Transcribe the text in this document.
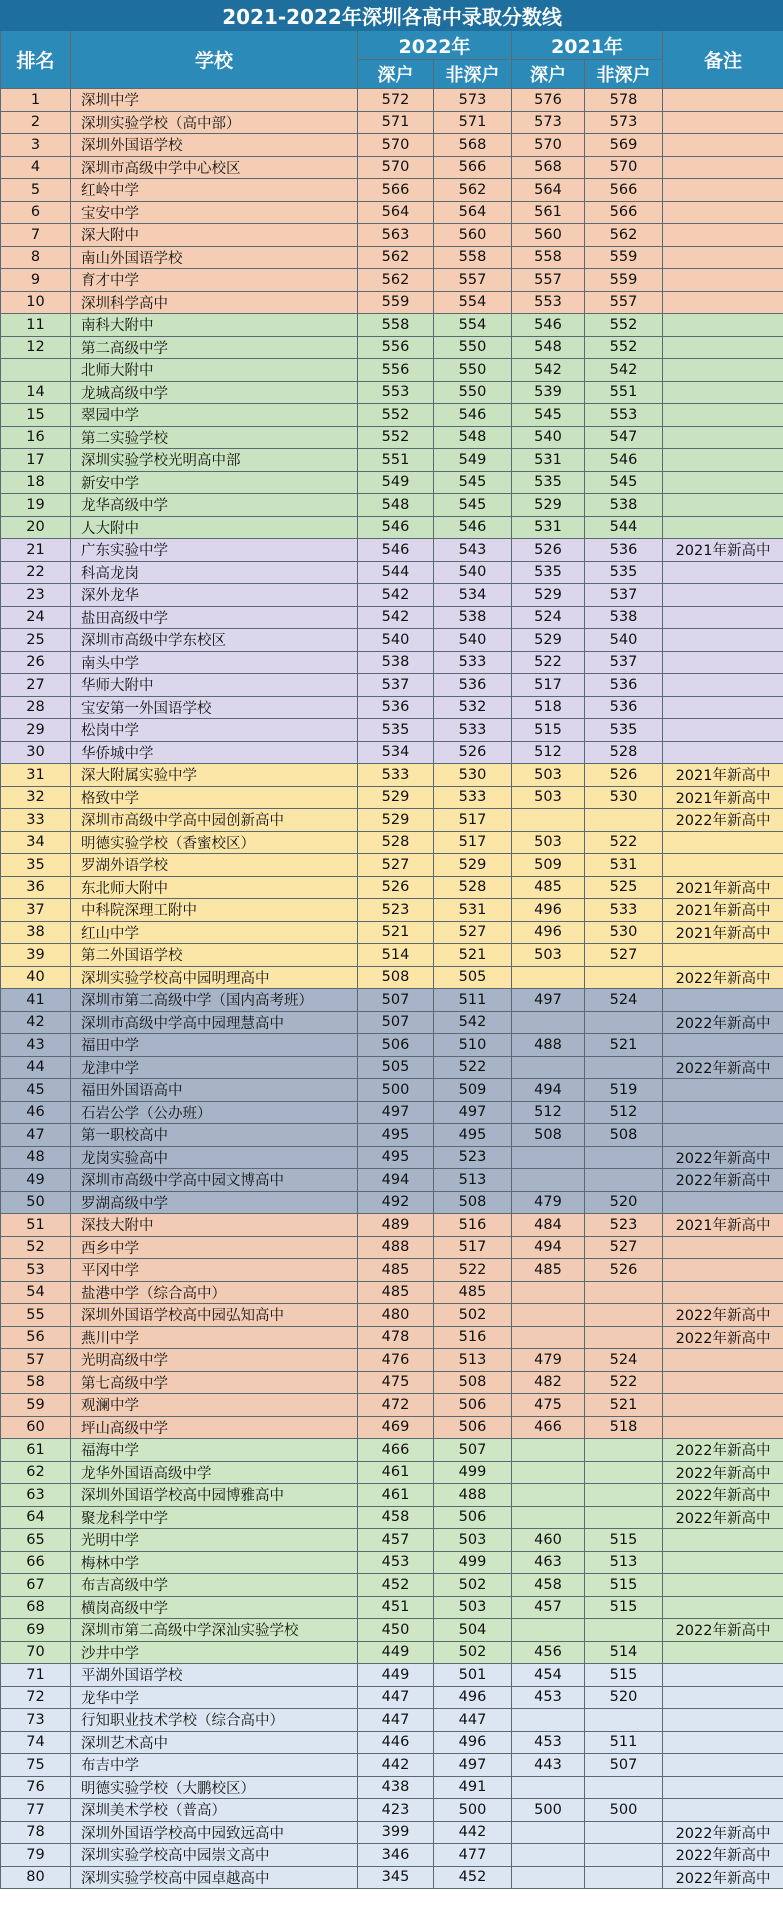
2021-2022年深圳各高中录取分数线						
排名	学校	2022年		2021年		备注
		深户	非深户	深户	非深户	
1	深圳中学	572	573	576	578	
2	深圳实验学校（高中部）	571	571	573	573	
3	深圳外国语学校	570	568	570	569	
4	深圳市高级中学中心校区	570	566	568	570	
5	红岭中学	566	562	564	566	
6	宝安中学	564	564	561	566	
7	深大附中	563	560	560	562	
8	南山外国语学校	562	558	558	559	
9	育才中学	562	557	557	559	
10	深圳科学高中	559	554	553	557	
11	南科大附中	558	554	546	552	
12	第二高级中学	556	550	548	552	
	北师大附中	556	550	542	542	
14	龙城高级中学	553	550	539	551	
15	翠园中学	552	546	545	553	
16	第二实验学校	552	548	540	547	
17	深圳实验学校光明高中部	551	549	531	546	
18	新安中学	549	545	535	545	
19	龙华高级中学	548	545	529	538	
20	人大附中	546	546	531	544	
21	广东实验中学	546	543	526	536	2021年新高中
22	科高龙岗	544	540	535	535	
23	深外龙华	542	534	529	537	
24	盐田高级中学	542	538	524	538	
25	深圳市高级中学东校区	540	540	529	540	
26	南头中学	538	533	522	537	
27	华师大附中	537	536	517	536	
28	宝安第一外国语学校	536	532	518	536	
29	松岗中学	535	533	515	535	
30	华侨城中学	534	526	512	528	
31	深大附属实验中学	533	530	503	526	2021年新高中
32	格致中学	529	533	503	530	2021年新高中
33	深圳市高级中学高中园创新高中	529	517			2022年新高中
34	明德实验学校（香蜜校区）	528	517	503	522	
35	罗湖外语学校	527	529	509	531	
36	东北师大附中	526	528	485	525	2021年新高中
37	中科院深理工附中	523	531	496	533	2021年新高中
38	红山中学	521	527	496	530	2021年新高中
39	第二外国语学校	514	521	503	527	
40	深圳实验学校高中园明理高中	508	505			2022年新高中
41	深圳市第二高级中学（国内高考班）	507	511	497	524	
42	深圳市高级中学高中园理慧高中	507	542			2022年新高中
43	福田中学	506	510	488	521	
44	龙津中学	505	522			2022年新高中
45	福田外国语高中	500	509	494	519	
46	石岩公学（公办班）	497	497	512	512	
47	第一职校高中	495	495	508	508	
48	龙岗实验高中	495	523			2022年新高中
49	深圳市高级中学高中园文博高中	494	513			2022年新高中
50	罗湖高级中学	492	508	479	520	
51	深技大附中	489	516	484	523	2021年新高中
52	西乡中学	488	517	494	527	
53	平冈中学	485	522	485	526	
54	盐港中学（综合高中）	485	485			
55	深圳外国语学校高中园弘知高中	480	502			2022年新高中
56	燕川中学	478	516			2022年新高中
57	光明高级中学	476	513	479	524	
58	第七高级中学	475	508	482	522	
59	观澜中学	472	506	475	521	
60	坪山高级中学	469	506	466	518	
61	福海中学	466	507			2022年新高中
62	龙华外国语高级中学	461	499			2022年新高中
63	深圳外国语学校高中园博雅高中	461	488			2022年新高中
64	聚龙科学中学	458	506			2022年新高中
65	光明中学	457	503	460	515	
66	梅林中学	453	499	463	513	
67	布吉高级中学	452	502	458	515	
68	横岗高级中学	451	503	457	515	
69	深圳市第二高级中学深汕实验学校	450	504			2022年新高中
70	沙井中学	449	502	456	514	
71	平湖外国语学校	449	501	454	515	
72	龙华中学	447	496	453	520	
73	行知职业技术学校（综合高中）	447	447			
74	深圳艺术高中	446	496	453	511	
75	布吉中学	442	497	443	507	
76	明德实验学校（大鹏校区）	438	491			
77	深圳美术学校（普高）	423	500	500	500	
78	深圳外国语学校高中园致远高中	399	442			2022年新高中
79	深圳实验学校高中园崇文高中	346	477			2022年新高中
80	深圳实验学校高中园卓越高中	345	452			2022年新高中
